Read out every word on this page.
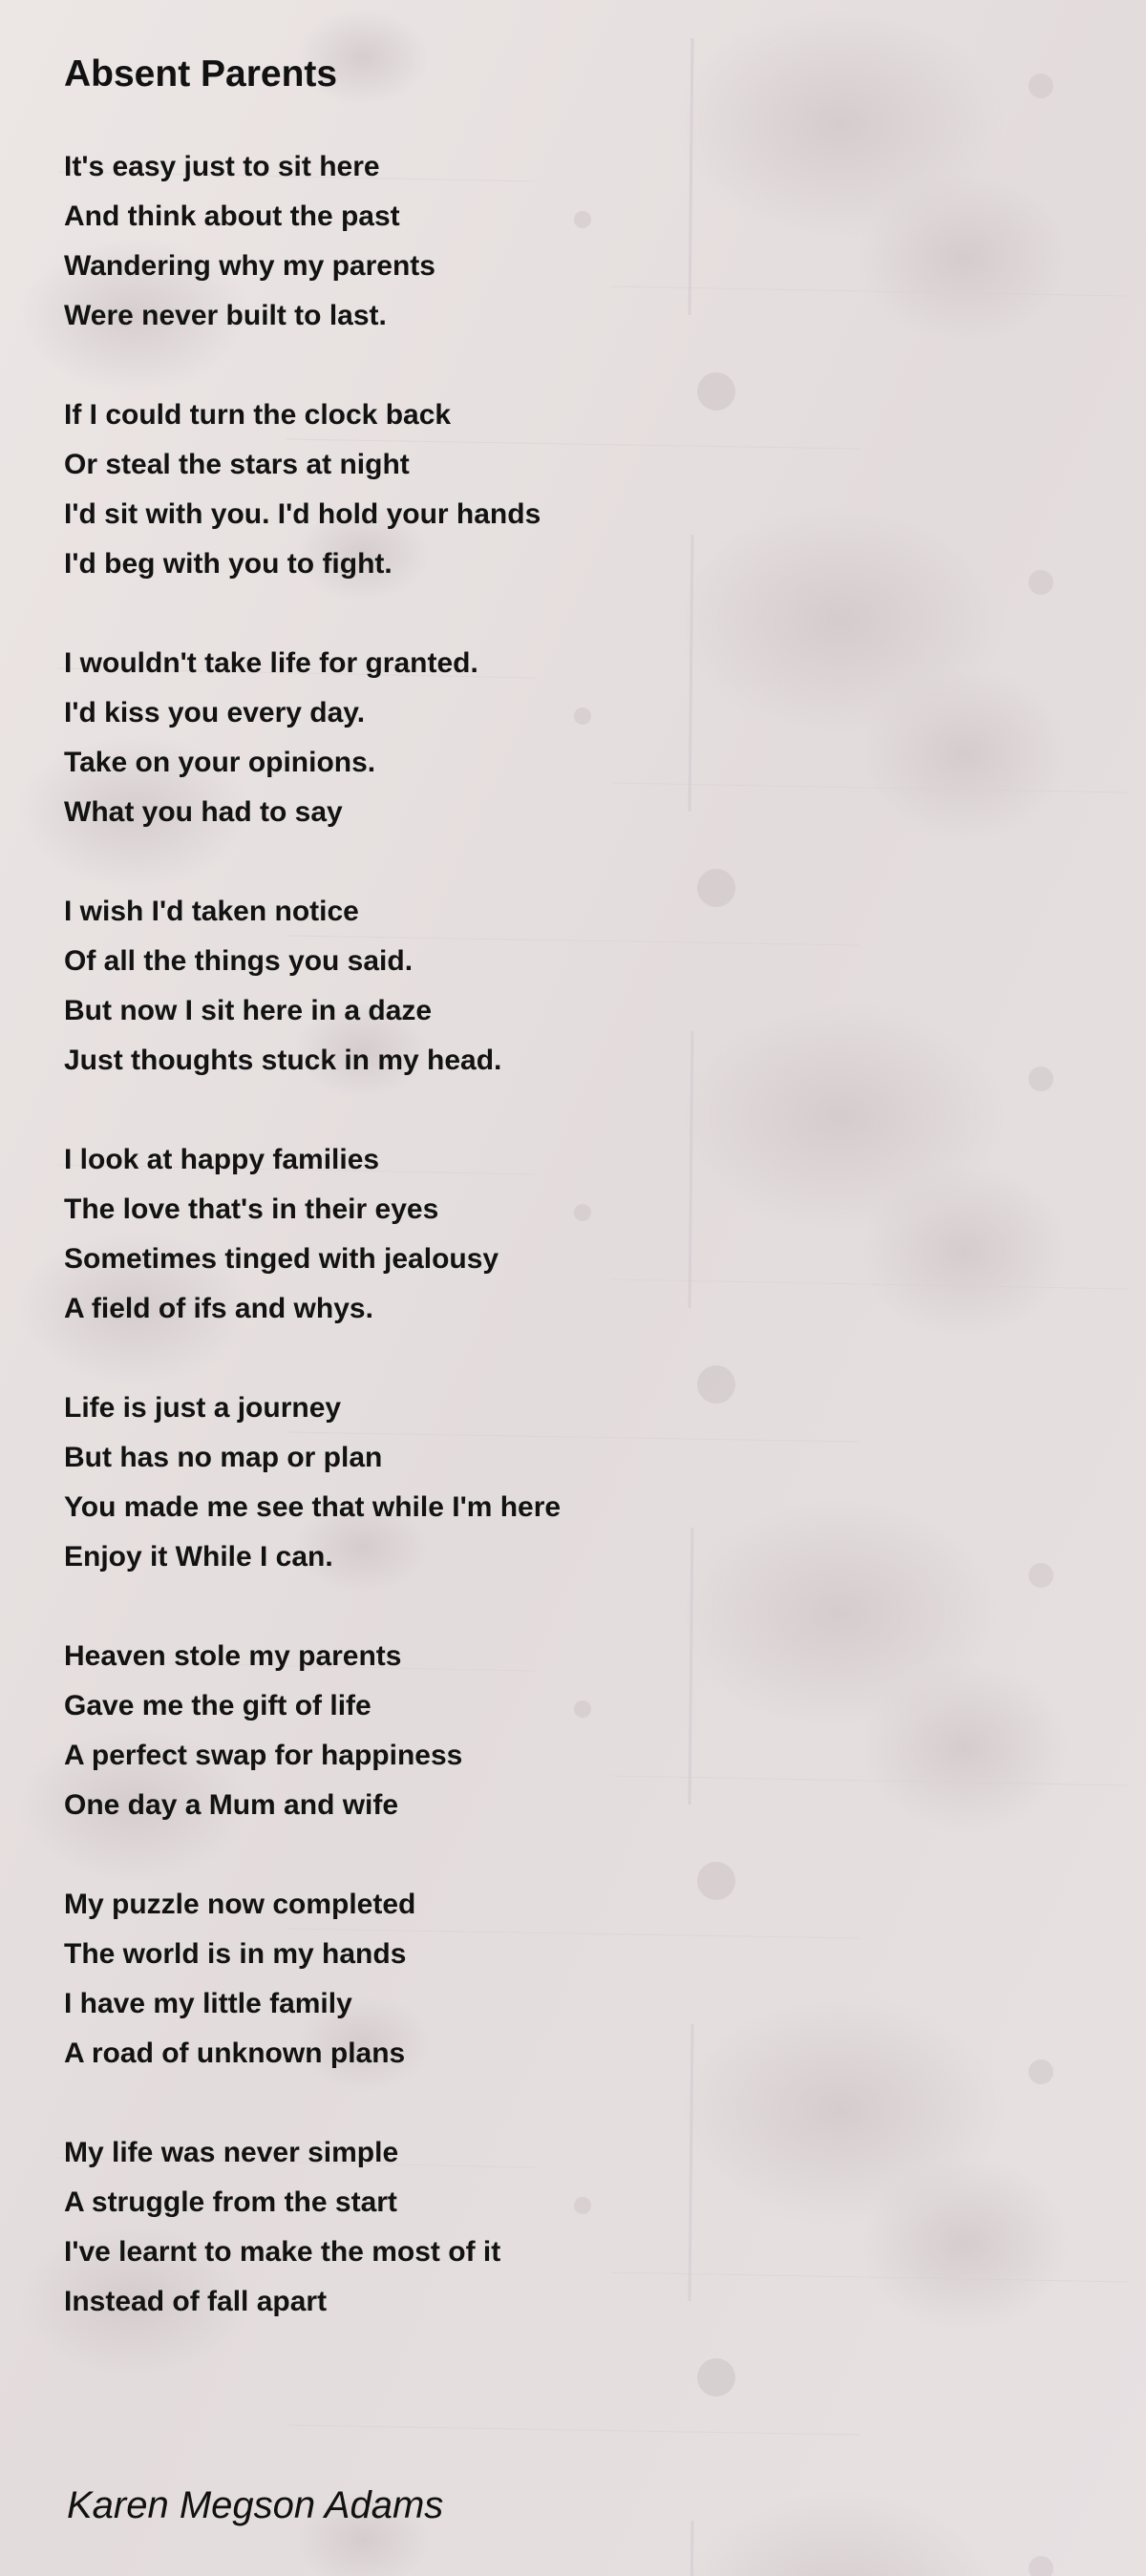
Absent Parents
It's easy just to sit here
And think about the past
Wandering why my parents
Were never built to last.
If I could turn the clock back
Or steal the stars at night
I'd sit with you. I'd hold your hands
I'd beg with you to fight.
I wouldn't take life for granted.
I'd kiss you every day.
Take on your opinions.
What you had to say
I wish I'd taken notice
Of all the things you said.
But now I sit here in a daze
Just thoughts stuck in my head.
I look at happy families
The love that's in their eyes
Sometimes tinged with jealousy
A field of ifs and whys.
Life is just a journey
But has no map or plan
You made me see that while I'm here
Enjoy it While I can.
Heaven stole my parents
Gave me the gift of life
A perfect swap for happiness
One day a Mum and wife
My puzzle now completed
The world is in my hands
I have my little family
A road of unknown plans
My life was never simple
A struggle from the start
I've learnt to make the most of it
Instead of fall apart

Karen Megson Adams
